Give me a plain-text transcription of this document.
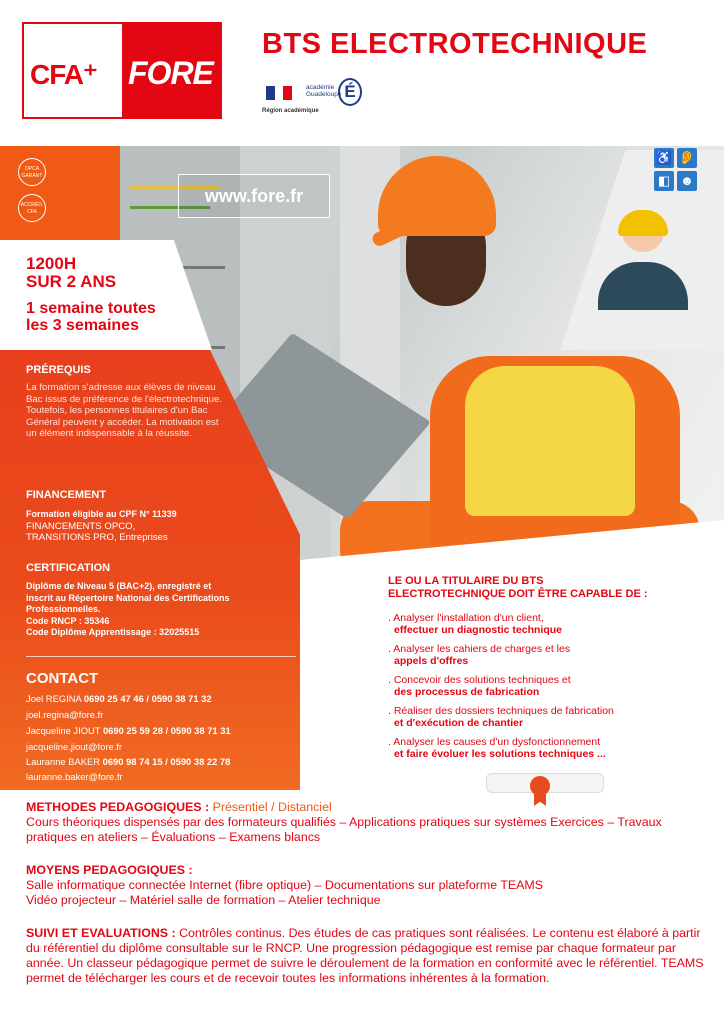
CFA⁺ FORE
BTS ELECTROTECHNIQUE
Région académique
académie
Guadeloupe É
www.fore.fr
♿ 👂
◧ ☻
OPCA GARANT
ACCRÉD. CFA
1200H
SUR 2 ANS
1 semaine toutes
les 3 semaines
PRÉREQUIS
La formation s'adresse aux élèves de niveau Bac issus de préférence de l'électrotechnique. Toutefois, les personnes titulaires d'un Bac Général peuvent y accéder. La motivation est un élément indispensable à la réussite.
FINANCEMENT
Formation éligible au CPF N° 11339
FINANCEMENTS OPCO,
TRANSITIONS PRO, Entreprises
CERTIFICATION
Diplôme de Niveau 5 (BAC+2), enregistré et
inscrit au Répertoire National des Certifications
Professionnelles.
Code RNCP : 35346
Code Diplôme Apprentissage : 32025515
CONTACT
Joel REGINA 0690 25 47 46 / 0590 38 71 32
joel.regina@fore.fr
Jacqueline JIOUT 0690 25 59 28 / 0590 38 71 31
jacqueline.jiout@fore.fr
Lauranne BAKER 0690 98 74 15 / 0590 38 22 78
lauranne.baker@fore.fr
LE OU LA TITULAIRE DU BTS
ELECTROTECHNIQUE DOIT ÊTRE CAPABLE DE :
. Analyser l'installation d'un client,
effectuer un diagnostic technique
. Analyser les cahiers de charges et les
appels d'offres
. Concevoir des solutions techniques et
des processus de fabrication
. Réaliser des dossiers techniques de fabrication
et d'exécution de chantier
. Analyser les causes d'un dysfonctionnement
et faire évoluer les solutions techniques ...
METHODES PEDAGOGIQUES : Présentiel / Distanciel
Cours théoriques dispensés par des formateurs qualifiés – Applications pratiques sur systèmes Exercices – Travaux pratiques en ateliers – Évaluations – Examens blancs
MOYENS PEDAGOGIQUES :
Salle informatique connectée Internet (fibre optique) – Documentations sur plateforme TEAMS
Vidéo projecteur – Matériel salle de formation – Atelier technique
SUIVI ET EVALUATIONS : Contrôles continus. Des études de cas pratiques sont réalisées. Le contenu est élaboré à partir du référentiel du diplôme consultable sur le RNCP. Une progression pédagogique est remise par chaque formateur par année. Un classeur pédagogique permet de suivre le déroulement de la formation en conformité avec le référentiel. TEAMS permet de télécharger les cours et de recevoir toutes les informations inhérentes à la formation.
